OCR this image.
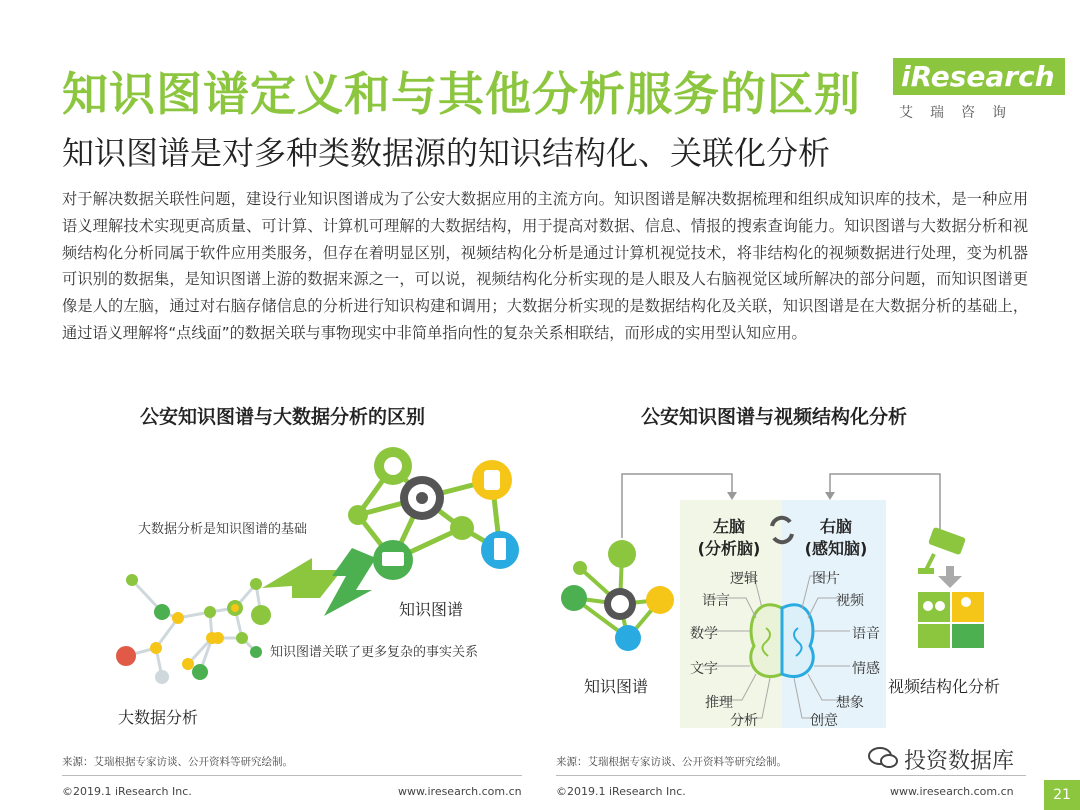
知识图谱定义和与其他分析服务的区别
知识图谱是对多种类数据源的知识结构化、关联化分析
iResearch
艾瑞咨询
对于解决数据关联性问题，建设行业知识图谱成为了公安大数据应用的主流方向。知识图谱是解决数据梳理和组织成知识库的技术，是一种应用语义理解技术实现更高质量、可计算、计算机可理解的大数据结构，用于提高对数据、信息、情报的搜索查询能力。知识图谱与大数据分析和视频结构化分析同属于软件应用类服务，但存在着明显区别，视频结构化分析是通过计算机视觉技术，将非结构化的视频数据进行处理，变为机器可识别的数据集，是知识图谱上游的数据来源之一，可以说，视频结构化分析实现的是人眼及人右脑视觉区域所解决的部分问题，而知识图谱更像是人的左脑，通过对右脑存储信息的分析进行知识构建和调用；大数据分析实现的是数据结构化及关联，知识图谱是在大数据分析的基础上，通过语义理解将“点线面”的数据关联与事物现实中非简单指向性的复杂关系相联结，而形成的实用型认知应用。
公安知识图谱与大数据分析的区别
大数据分析是知识图谱的基础
知识图谱
知识图谱关联了更多复杂的事实关系
大数据分析
来源：艾瑞根据专家访谈、公开资料等研究绘制。
公安知识图谱与视频结构化分析
左脑
(分析脑)
右脑
(感知脑)
逻辑
语言
数学
文字
推理
分析
图片
视频
语音
情感
想象
创意
知识图谱	视频结构化分析
来源：艾瑞根据专家访谈、公开资料等研究绘制。
©2019.1 iResearch Inc.	www.iresearch.com.cn	©2019.1 iResearch Inc.	www.iresearch.com.cn
投资数据库
21
